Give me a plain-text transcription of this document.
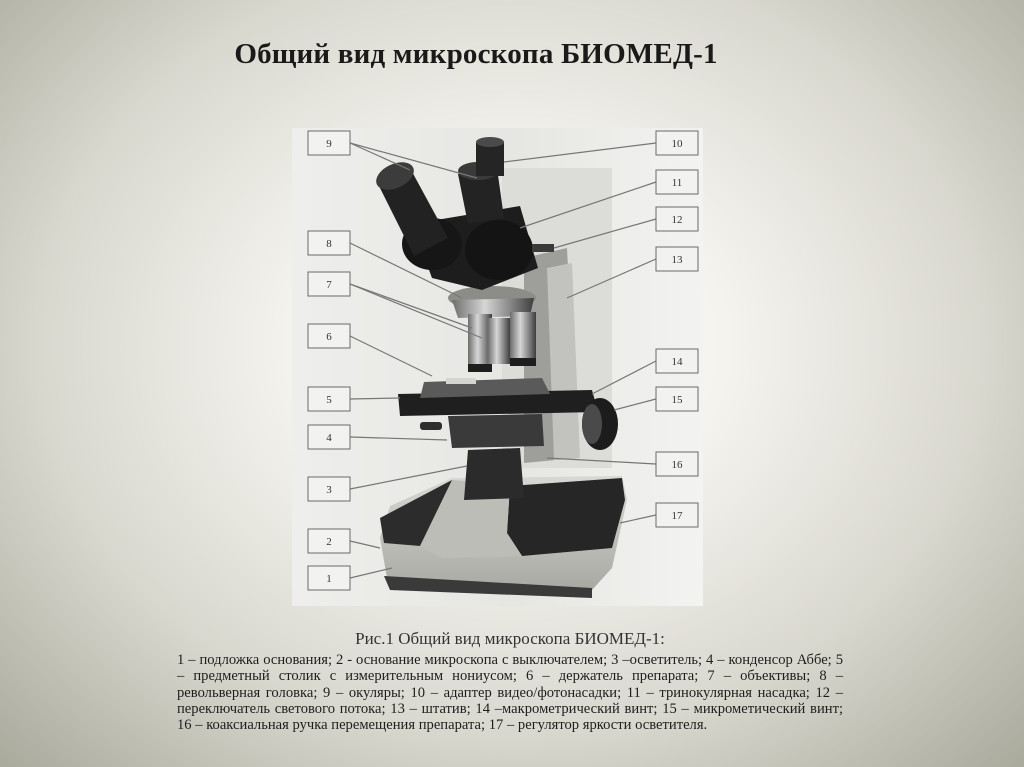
Общий вид микроскопа БИОМЕД-1
9
8
7
6
5
4
3
2
1
10
11
12
13
14
15
16
17
Рис.1 Общий вид микроскопа БИОМЕД-1:
1 – подложка основания; 2 - основание микроскопа с выключателем; 3 –осветитель; 4 – конденсор Аббе; 5 – предметный столик с измерительным нониусом; 6 – держатель препарата; 7 – объективы; 8 – револьверная головка; 9 – окуляры; 10 – адаптер видео/фотонасадки; 11 – тринокулярная насадка; 12 – переключатель светового потока; 13 – штатив; 14 –макрометрический винт; 15 – микрометический винт; 16 – коаксиальная ручка перемещения препарата; 17 – регулятор яркости осветителя.
